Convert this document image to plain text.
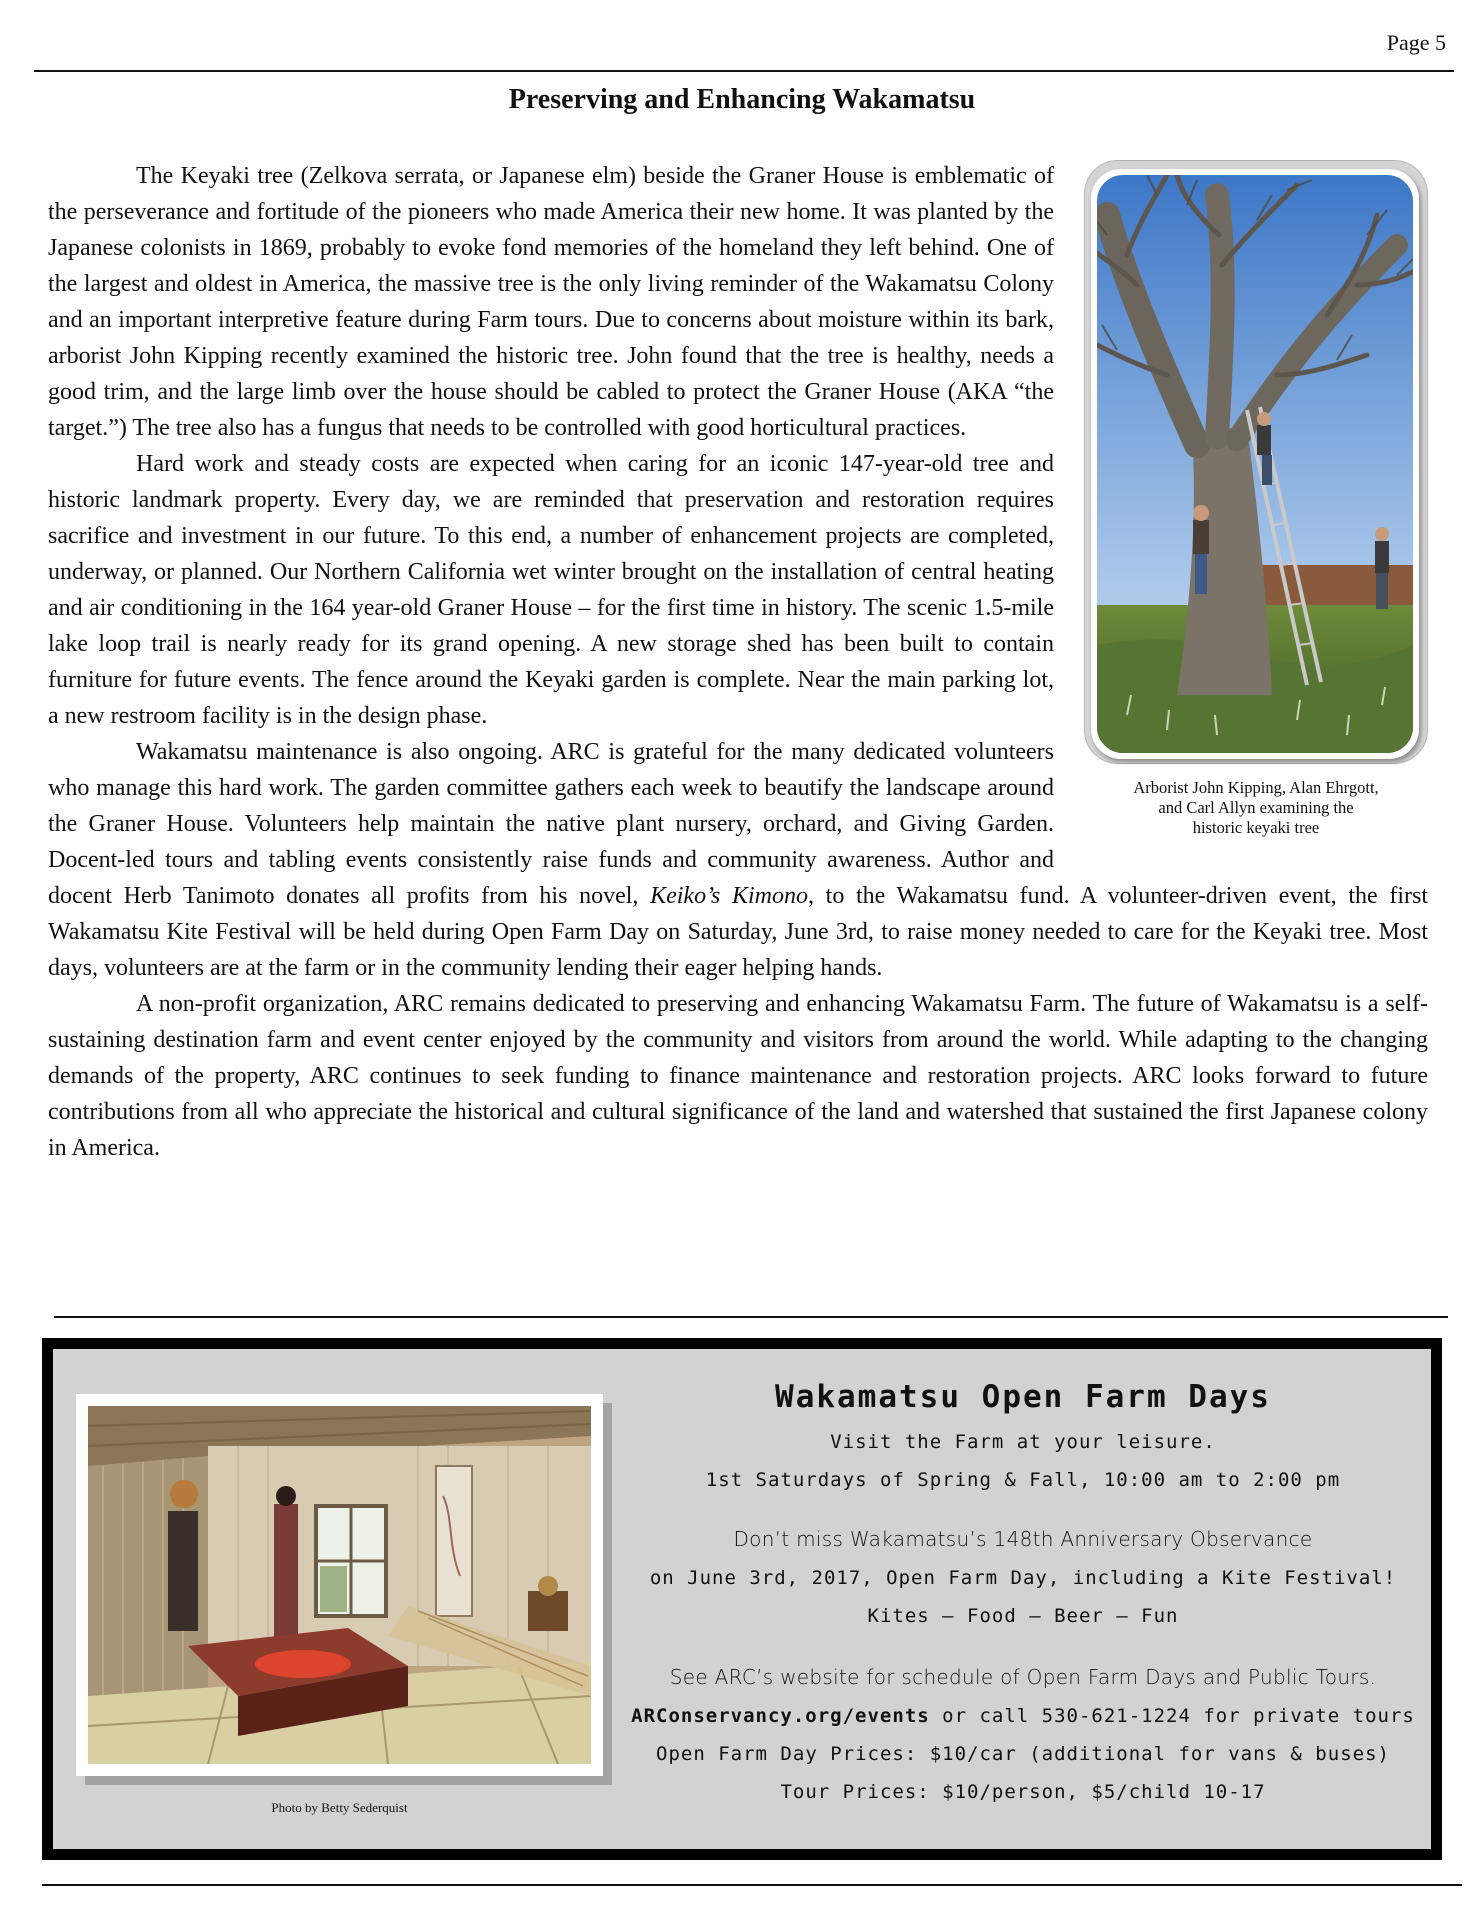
Page 5
Preserving and Enhancing Wakamatsu
Arborist John Kipping, Alan Ehrgott,
and Carl Allyn examining the
historic keyaki tree

The Keyaki tree (Zelkova serrata, or Japanese elm) beside the Graner House is emblematic of the perseverance and fortitude of the pioneers who made America their new home. It was planted by the Japanese colonists in 1869, probably to evoke fond memories of the homeland they left behind. One of the largest and oldest in America, the massive tree is the only living reminder of the Wakamatsu Colony and an important interpretive feature during Farm tours. Due to concerns about moisture within its bark, arborist John Kipping recently examined the historic tree. John found that the tree is healthy, needs a good trim, and the large limb over the house should be cabled to protect the Graner House (AKA “the target.”) The tree also has a fungus that needs to be controlled with good horticultural practices.

Hard work and steady costs are expected when caring for an iconic 147-year-old tree and historic landmark property. Every day, we are reminded that preservation and restoration requires sacrifice and investment in our future. To this end, a number of enhancement projects are completed, underway, or planned. Our Northern California wet winter brought on the installation of central heating and air conditioning in the 164 year-old Graner House – for the first time in history. The scenic 1.5-mile lake loop trail is nearly ready for its grand opening. A new storage shed has been built to contain furniture for future events. The fence around the Keyaki garden is complete. Near the main parking lot, a new restroom facility is in the design phase.

Wakamatsu maintenance is also ongoing. ARC is grateful for the many dedicated volunteers who manage this hard work. The garden committee gathers each week to beautify the landscape around the Graner House. Volunteers help maintain the native plant nursery, orchard, and Giving Garden. Docent-led tours and tabling events consistently raise funds and community awareness. Author and docent Herb Tanimoto donates all profits from his novel, Keiko’s Kimono, to the Wakamatsu fund. A volunteer-driven event, the first Wakamatsu Kite Festival will be held during Open Farm Day on Saturday, June 3rd, to raise money needed to care for the Keyaki tree. Most days, volunteers are at the farm or in the community lending their eager helping hands.

A non-profit organization, ARC remains dedicated to preserving and enhancing Wakamatsu Farm. The future of Wakamatsu is a self-sustaining destination farm and event center enjoyed by the community and visitors from around the world. While adapting to the changing demands of the property, ARC continues to seek funding to finance maintenance and restoration projects. ARC looks forward to future contributions from all who appreciate the historical and cultural significance of the land and watershed that sustained the first Japanese colony in America.

Photo by Betty Sederquist
Wakamatsu Open Farm Days
Visit the Farm at your leisure.
1st Saturdays of Spring & Fall, 10:00 am to 2:00 pm
Don’t miss Wakamatsu’s 148th Anniversary Observance
on June 3rd, 2017, Open Farm Day, including a Kite Festival!
Kites – Food – Beer — Fun
See ARC’s website for schedule of Open Farm Days and Public Tours.
ARConservancy.org/events or call 530-621-1224 for private tours
Open Farm Day Prices: $10/car (additional for vans & buses)
Tour Prices: $10/person, $5/child 10-17
